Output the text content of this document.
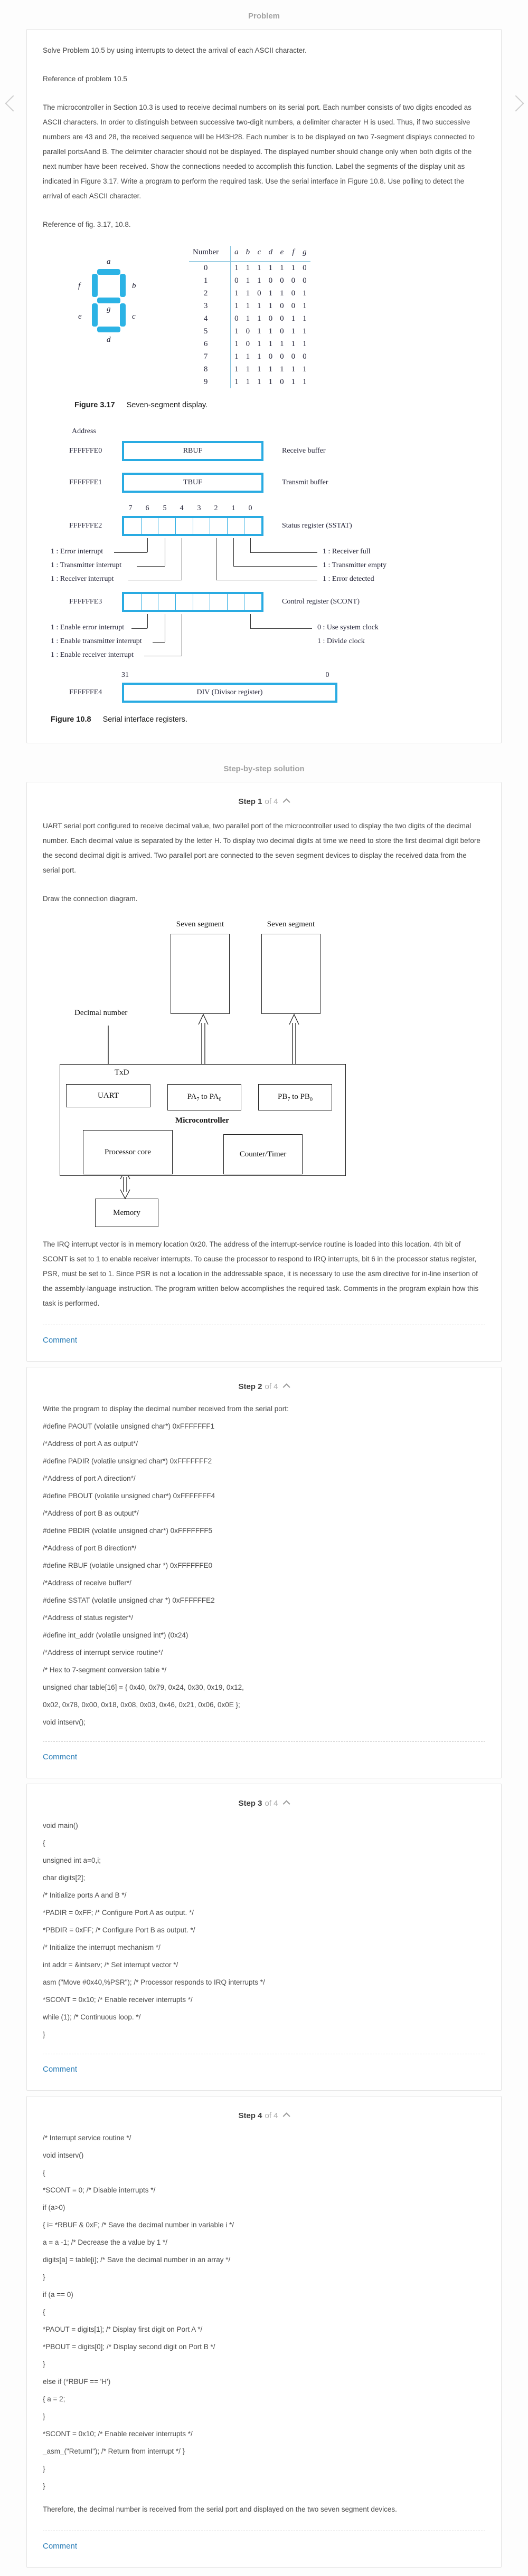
Problem

Solve Problem 10.5 by using interrupts to detect the arrival of each ASCII character.

Reference of problem 10.5

The microcontroller in Section 10.3 is used to receive decimal numbers on its serial port. Each number consists of two digits encoded as ASCII characters. In order to distinguish between successive two-digit numbers, a delimiter character H is used. Thus, if two successive numbers are 43 and 28, the received sequence will be H43H28. Each number is to be displayed on two 7-segment displays connected to parallel portsAand B. The delimiter character should not be displayed. The displayed number should change only when both digits of the next number have been received. Show the connections needed to accomplish this function. Label the segments of the display unit as indicated in Figure 3.17. Write a program to perform the required task. Use the serial interface in Figure 10.8. Use polling to detect the arrival of each ASCII character.

Reference of fig. 3.17, 10.8.

a
f	b
g
e	c
d
Number	a	b	c	d	e	f	g
0	1	1	1	1	1	1	0
1	0	1	1	0	0	0	0
2	1	1	0	1	1	0	1
3	1	1	1	1	0	0	1
4	0	1	1	0	0	1	1
5	1	0	1	1	0	1	1
6	1	0	1	1	1	1	1
7	1	1	1	0	0	0	0
8	1	1	1	1	1	1	1
9	1	1	1	1	0	1	1
Figure 3.17 Seven-segment display.
Address
FFFFFFE0	RBUF	Receive buffer
FFFFFFE1	TBUF	Transmit buffer
7	6	5	4	3	2	1	0
FFFFFFE2	Status register (SSTAT)
1 : Error interrupt
1 : Transmitter interrupt
1 : Receiver interrupt
1 : Receiver full
1 : Transmitter empty
1 : Error detected
FFFFFFE3	Control register (SCONT)
1 : Enable error interrupt
1 : Enable transmitter interrupt
1 : Enable receiver interrupt
0 : Use system clock
1 : Divide clock
31	0
FFFFFFE4	DIV (Divisor register)
Figure 10.8 Serial interface registers.
Step-by-step solution
Step 1 of 4

UART serial port configured to receive decimal value, two parallel port of the microcontroller used to display the two digits of the decimal number. Each decimal value is separated by the letter H. To display two decimal digits at time we need to store the first decimal digit before the second decimal digit is arrived. Two parallel port are connected to the seven segment devices to display the received data from the serial port.

Draw the connection diagram.

Seven segment	Seven segment
Decimal number
TxD
UART	$PA_7$ to $PA_0$	$PB_7$ to $PB_0$
Microcontroller
Processor core	Counter/Timer
Memory

The IRQ interrupt vector is in memory location 0x20. The address of the interrupt-service routine is loaded into this location. 4th bit of SCONT is set to 1 to enable receiver interrupts. To cause the processor to respond to IRQ interrupts, bit 6 in the processor status register, PSR, must be set to 1. Since PSR is not a location in the addressable space, it is necessary to use the asm directive for in-line insertion of the assembly-language instruction. The program written below accomplishes the required task. Comments in the program explain how this task is performed.

Comment
Step 2 of 4

Write the program to display the decimal number received from the serial port:

#define PAOUT (volatile unsigned char*) 0xFFFFFFF1

/*Address of port A as output*/

#define PADIR (volatile unsigned char*) 0xFFFFFFF2

/*Address of port A direction*/

#define PBOUT (volatile unsigned char*) 0xFFFFFFF4

/*Address of port B as output*/

#define PBDIR (volatile unsigned char*) 0xFFFFFFF5

/*Address of port B direction*/

#define RBUF (volatile unsigned char *) 0xFFFFFFE0

/*Address of receive buffer*/

#define SSTAT (volatile unsigned char *) 0xFFFFFFE2

/*Address of status register*/

#define int_addr (volatile unsigned int*) (0x24)

/*Address of interrupt service routine*/

/* Hex to 7-segment conversion table */

unsigned char table[16] = { 0x40, 0x79, 0x24, 0x30, 0x19, 0x12,

0x02, 0x78, 0x00, 0x18, 0x08, 0x03, 0x46, 0x21, 0x06, 0x0E };

void intserv();

Comment
Step 3 of 4

void main()

{

unsigned int a=0,i;

char digits[2];

/* Initialize ports A and B */

*PADIR = 0xFF; /* Configure Port A as output. */

*PBDIR = 0xFF; /* Configure Port B as output. */

/* Initialize the interrupt mechanism */

int addr = &intserv; /* Set interrupt vector */

asm ("Move #0x40,%PSR"); /* Processor responds to IRQ interrupts */

*SCONT = 0x10; /* Enable receiver interrupts */

while (1); /* Continuous loop. */

}

Comment
Step 4 of 4

/* Interrupt service routine */

void intserv()

{

*SCONT = 0; /* Disable interrupts */

if (a>0)

{ i= *RBUF & 0xF; /* Save the decimal number in variable i */

a = a -1; /* Decrease the a value by 1 */

digits[a] = table[i]; /* Save the decimal number in an array */

}

if (a == 0)

{

*PAOUT = digits[1]; /* Display first digit on Port A */

*PBOUT = digits[0]; /* Display second digit on Port B */

}

else if (*RBUF == 'H')

{ a = 2;

}

*SCONT = 0x10; /* Enable receiver interrupts */

_asm_("ReturnI"); /* Return from interrupt */ }

}

}

Therefore, the decimal number is received from the serial port and displayed on the two seven segment devices.

Comment
